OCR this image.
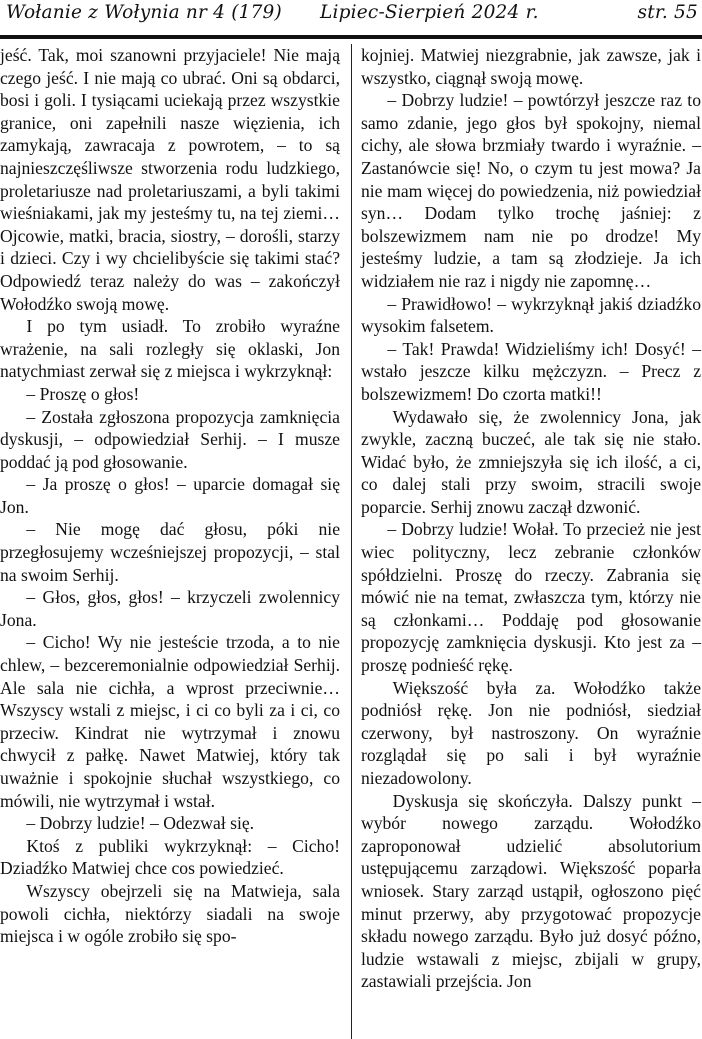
Wołanie z Wołynia nr 4 (179) Lipiec-Sierpień 2024 r.	str. 55

jeść. Tak, moi szanowni przyjaciele! Nie mają czego jeść. I nie mają co ubrać. Oni są obdarci, bosi i goli. I tysiącami uciekają przez wszystkie granice, oni zapełnili nasze więzienia, ich zamykają, zawracaja z powrotem, – to są najnieszczęśliwsze stworzenia rodu ludzkiego, proletariusze nad proletariuszami, a byli takimi wieśniakami, jak my jesteśmy tu, na tej ziemi… Ojcowie, matki, bracia, siostry, – dorośli, starzy i dzieci. Czy i wy chcielibyście się takimi stać? Odpowiedź teraz należy do was – zakończył Wołodźko swoją mowę.

I po tym usiadł. To zrobiło wyraźne wrażenie, na sali rozległy się oklaski, Jon natychmiast zerwał się z miejsca i wykrzyknął:

– Proszę o głos!

– Została zgłoszona propozycja zamknięcia dyskusji, – odpowiedział Serhij. – I musze poddać ją pod głosowanie.

– Ja proszę o głos! – uparcie domagał się Jon.

– Nie mogę dać głosu, póki nie przegłosujemy wcześniejszej propozycji, – stal na swoim Serhij.

– Głos, głos, głos! – krzyczeli zwolennicy Jona.

– Cicho! Wy nie jesteście trzoda, a to nie chlew, – bezceremonialnie odpowiedział Serhij. Ale sala nie cichła, a wprost przeciwnie… Wszyscy wstali z miejsc, i ci co byli za i ci, co przeciw. Kindrat nie wytrzymał i znowu chwycił z pałkę. Nawet Matwiej, który tak uważnie i spokojnie słuchał wszystkiego, co mówili, nie wytrzymał i wstał.

– Dobrzy ludzie! – Odezwał się.

Ktoś z publiki wykrzyknął: – Cicho! Dziadźko Matwiej chce cos powiedzieć.

Wszyscy obejrzeli się na Matwieja, sala powoli cichła, niektórzy siadali na swoje miejsca i w ogóle zrobiło się spo-

kojniej. Matwiej niezgrabnie, jak zawsze, jak i wszystko, ciągnął swoją mowę.

– Dobrzy ludzie! – powtórzył jeszcze raz to samo zdanie, jego głos był spokojny, niemal cichy, ale słowa brzmiały twardo i wyraźnie. – Zastanówcie się! No, o czym tu jest mowa? Ja nie mam więcej do powiedzenia, niż powiedział syn… Dodam tylko trochę jaśniej: z bolszewizmem nam nie po drodze! My jesteśmy ludzie, a tam są złodzieje. Ja ich widziałem nie raz i nigdy nie zapomnę…

– Prawidłowo! – wykrzyknął jakiś dziadźko wysokim falsetem.

– Tak! Prawda! Widzieliśmy ich! Dosyć! – wstało jeszcze kilku mężczyzn. – Precz z bolszewizmem! Do czorta matki!!

Wydawało się, że zwolennicy Jona, jak zwykle, zaczną buczeć, ale tak się nie stało. Widać było, że zmniejszyła się ich ilość, a ci, co dalej stali przy swoim, stracili swoje poparcie. Serhij znowu zaczął dzwonić.

– Dobrzy ludzie! Wołał. To przecież nie jest wiec polityczny, lecz zebranie członków spółdzielni. Proszę do rzeczy. Zabrania się mówić nie na temat, zwłaszcza tym, którzy nie są członkami… Poddaję pod głosowanie propozycję zamknięcia dyskusji. Kto jest za – proszę podnieść rękę.

Większość była za. Wołodźko także podniósł rękę. Jon nie podniósł, siedział czerwony, był nastroszony. On wyraźnie rozglądał się po sali i był wyraźnie niezadowolony.

Dyskusja się skończyła. Dalszy punkt – wybór nowego zarządu. Wołodźko zaproponował udzielić absolutorium ustępującemu zarządowi. Większość poparła wniosek. Stary zarząd ustąpił, ogłoszono pięć minut przerwy, aby przygotować propozycje składu nowego zarządu. Było już dosyć późno, ludzie wstawali z miejsc, zbijali w grupy, zastawiali przejścia. Jon
